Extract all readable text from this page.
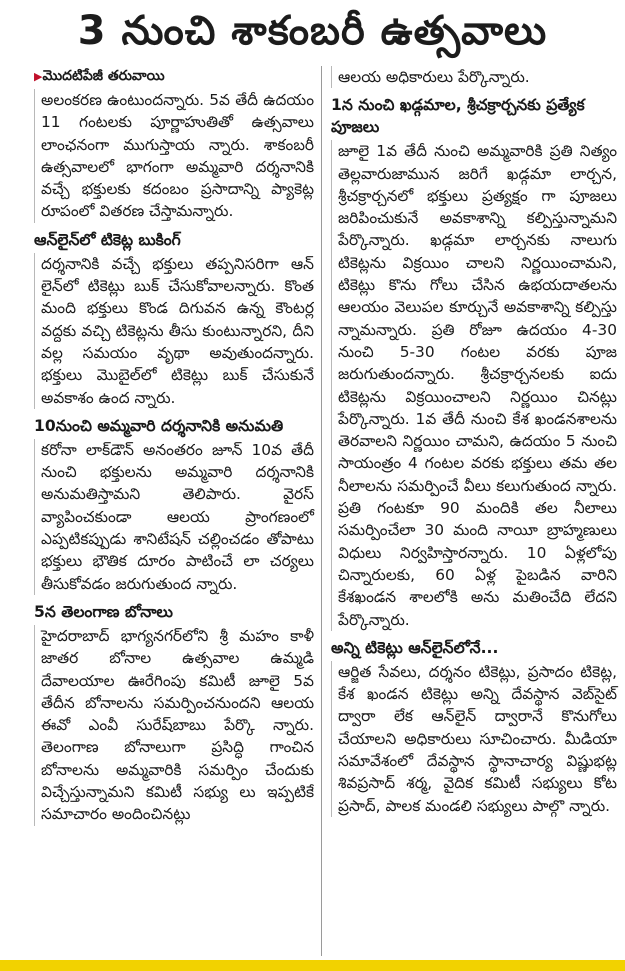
3 నుంచి శాకంబరీ ఉత్సవాలు
▶మొదటిపేజీ తరువాయి

అలంకరణ ఉంటుందన్నారు. 5వ తేదీ ఉదయం 11 గంటలకు పూర్ణాహుతితో ఉత్సవాలు లాంఛనంగా ముగుస్తాయ న్నారు. శాకంబరీ ఉత్సవాలలో భాగంగా అమ్మవారి దర్శనానికి వచ్చే భక్తులకు కదంబం ప్రసాదాన్ని ప్యాకెట్ల రూపంలో వితరణ చేస్తామన్నారు.

ఆన్‌లైన్‌లో టికెట్ల బుకింగ్

దర్శనానికి వచ్చే భక్తులు తప్పనిసరిగా ఆన్ లైన్‌లో టికెట్లు బుక్ చేసుకోవాలన్నారు. కొంత మంది భక్తులు కొండ దిగువన ఉన్న కౌంటర్ల వద్దకు వచ్చి టికెట్లను తీసు కుంటున్నారని, దీని వల్ల సమయం వృథా అవుతుందన్నారు. భక్తులు మొబైల్‌లో టికెట్లు బుక్ చేసుకునే అవకాశం ఉంద న్నారు.

10నుంచి అమ్మవారి దర్శనానికి అనుమతి

కరోనా లాక్‌డౌన్ అనంతరం జూన్ 10వ తేదీ నుంచి భక్తులను అమ్మవారి దర్శనానికి అనుమతిస్తామని తెలిపారు. వైరస్ వ్యాపించకుండా ఆలయ ప్రాంగణంలో ఎప్పటికప్పుడు శానిటేషన్ చల్లించడం తోపాటు భక్తులు భౌతిక దూరం పాటించే లా చర్యలు తీసుకోవడం జరుగుతుంద న్నారు.

5న తెలంగాణ బోనాలు

హైదరాబాద్ భాగ్యనగర్‌లోని శ్రీ మహం కాళీ జాతర బోనాల ఉత్సవాల ఉమ్మడి దేవాలయాల ఊరేగింపు కమిటీ జూలై 5వ తేదీన బోనాలను సమర్పించనుందని ఆలయ ఈవో ఎంవీ సురేష్‌బాబు పేర్కొ న్నారు. తెలంగాణ బోనాలుగా ప్రసిద్ధి గాంచిన బోనాలను అమ్మవారికి సమర్పిం చేందుకు విచ్చేస్తున్నామని కమిటీ సభ్యు లు ఇప్పటికే సమాచారం అందించినట్లు

ఆలయ అధికారులు పేర్కొన్నారు.

1న నుంచి ఖడ్గమాల, శ్రీచక్రార్చనకు ప్రత్యేక పూజలు

జూలై 1వ తేదీ నుంచి అమ్మవారికి ప్రతి నిత్యం తెల్లవారుజామున జరిగే ఖడ్గమా లార్చన, శ్రీచక్రార్చనలో భక్తులు ప్రత్యక్షం గా పూజలు జరిపించుకునే అవకాశాన్ని కల్పిస్తున్నామని పేర్కొన్నారు. ఖడ్గమా లార్చనకు నాలుగు టికెట్లను విక్రయిం చాలని నిర్ణయించామని, టికెట్లు కొను గోలు చేసిన ఉభయదాతలను ఆలయం వెలుపల కూర్చునే అవకాశాన్ని కల్పిస్తు న్నామన్నారు. ప్రతి రోజూ ఉదయం 4-30 నుంచి 5-30 గంటల వరకు పూజ జరుగుతుందన్నారు. శ్రీచక్రార్చనలకు ఐదు టికెట్లను విక్రయించాలని నిర్ణయిం చినట్లు పేర్కొన్నారు. 1వ తేదీ నుంచి కేశ ఖండనశాలను తెరవాలని నిర్ణయిం చామని, ఉదయం 5 నుంచి సాయంత్రం 4 గంటల వరకు భక్తులు తమ తల నీలాలను సమర్పించే వీలు కలుగుతుంద న్నారు. ప్రతి గంటకూ 90 మందికి తల నీలాలు సమర్పించేలా 30 మంది నాయీ బ్రాహ్మణులు విధులు నిర్వహిస్తారన్నారు. 10 ఏళ్లలోపు చిన్నారులకు, 60 ఏళ్ల పైబడిన వారిని కేశఖండన శాలలోకి అను మతించేది లేదని పేర్కొన్నారు.

అన్ని టికెట్లు ఆన్‌లైన్‌లోనే...

ఆర్జిత సేవలు, దర్శనం టికెట్లు, ప్రసాదం టికెట్ల, కేశ ఖండన టికెట్లు అన్ని దేవస్థాన వెబ్‌సైట్ ద్వారా లేక ఆన్‌లైన్ ద్వారానే కొనుగోలు చేయాలని అధికారులు సూచించారు. మీడియా సమావేశంలో దేవస్థాన స్థానాచార్య విష్ణుభట్ల శివప్రసాద్ శర్మ, వైదిక కమిటీ సభ్యులు కోట ప్రసాద్, పాలక మండలి సభ్యులు పాల్గొ న్నారు.
